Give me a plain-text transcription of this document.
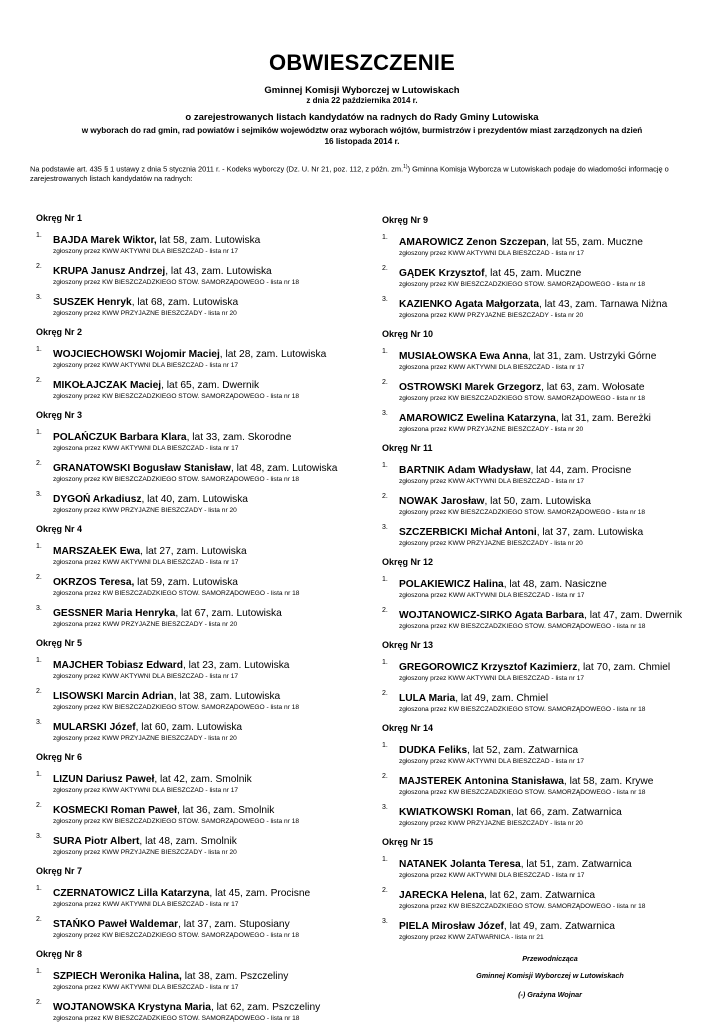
OBWIESZCZENIE
Gminnej Komisji Wyborczej w Lutowiskach
z dnia 22 października 2014 r.
o zarejestrowanych listach kandydatów na radnych do Rady Gminy Lutowiska
w wyborach do rad gmin, rad powiatów i sejmików województw oraz wyborach wójtów, burmistrzów i prezydentów miast zarządzonych na dzień
16 listopada 2014 r.
Na podstawie art. 435 § 1 ustawy z dnia 5 stycznia 2011 r. - Kodeks wyborczy (Dz. U. Nr 21, poz. 112, z późn. zm.$^{1)}$) Gminna Komisja Wyborcza w Lutowiskach podaje do wiadomości informację o zarejestrowanych listach kandydatów na radnych:
Okręg Nr 1
1. BAJDA Marek Wiktor, lat 58, zam. Lutowiska
zgłoszony przez KWW AKTYWNI DLA BIESZCZAD - lista nr 17
2. KRUPA Janusz Andrzej, lat 43, zam. Lutowiska
zgłoszony przez KW BIESZCZADZKIEGO STOW. SAMORZĄDOWEGO - lista nr 18
3. SUSZEK Henryk, lat 68, zam. Lutowiska
zgłoszony przez KWW PRZYJAZNE BIESZCZADY - lista nr 20
Okręg Nr 2
1. WOJCIECHOWSKI Wojomir Maciej, lat 28, zam. Lutowiska
zgłoszony przez KWW AKTYWNI DLA BIESZCZAD - lista nr 17
2. MIKOŁAJCZAK Maciej, lat 65, zam. Dwernik
zgłoszony przez KW BIESZCZADZKIEGO STOW. SAMORZĄDOWEGO - lista nr 18
Okręg Nr 3
1. POLAŃCZUK Barbara Klara, lat 33, zam. Skorodne
zgłoszona przez KWW AKTYWNI DLA BIESZCZAD - lista nr 17
2. GRANATOWSKI Bogusław Stanisław, lat 48, zam. Lutowiska
zgłoszony przez KW BIESZCZADZKIEGO STOW. SAMORZĄDOWEGO - lista nr 18
3. DYGOŃ Arkadiusz, lat 40, zam. Lutowiska
zgłoszony przez KWW PRZYJAZNE BIESZCZADY - lista nr 20
Okręg Nr 4
1. MARSZAŁEK Ewa, lat 27, zam. Lutowiska
zgłoszona przez KWW AKTYWNI DLA BIESZCZAD - lista nr 17
2. OKRZOS Teresa, lat 59, zam. Lutowiska
zgłoszona przez KW BIESZCZADZKIEGO STOW. SAMORZĄDOWEGO - lista nr 18
3. GESSNER Maria Henryka, lat 67, zam. Lutowiska
zgłoszona przez KWW PRZYJAZNE BIESZCZADY - lista nr 20
Okręg Nr 5
1. MAJCHER Tobiasz Edward, lat 23, zam. Lutowiska
zgłoszony przez KWW AKTYWNI DLA BIESZCZAD - lista nr 17
2. LISOWSKI Marcin Adrian, lat 38, zam. Lutowiska
zgłoszony przez KW BIESZCZADZKIEGO STOW. SAMORZĄDOWEGO - lista nr 18
3. MULARSKI Józef, lat 60, zam. Lutowiska
zgłoszony przez KWW PRZYJAZNE BIESZCZADY - lista nr 20
Okręg Nr 6
1. LIZUN Dariusz Paweł, lat 42, zam. Smolnik
zgłoszony przez KWW AKTYWNI DLA BIESZCZAD - lista nr 17
2. KOSMECKI Roman Paweł, lat 36, zam. Smolnik
zgłoszony przez KW BIESZCZADZKIEGO STOW. SAMORZĄDOWEGO - lista nr 18
3. SURA Piotr Albert, lat 48, zam. Smolnik
zgłoszony przez KWW PRZYJAZNE BIESZCZADY - lista nr 20
Okręg Nr 7
1. CZERNATOWICZ Lilla Katarzyna, lat 45, zam. Procisne
zgłoszona przez KWW AKTYWNI DLA BIESZCZAD - lista nr 17
2. STAŃKO Paweł Waldemar, lat 37, zam. Stuposiany
zgłoszony przez KW BIESZCZADZKIEGO STOW. SAMORZĄDOWEGO - lista nr 18
Okręg Nr 8
1. SZPIECH Weronika Halina, lat 38, zam. Pszczeliny
zgłoszona przez KWW AKTYWNI DLA BIESZCZAD - lista nr 17
2. WOJTANOWSKA Krystyna Maria, lat 62, zam. Pszczeliny
zgłoszona przez KW BIESZCZADZKIEGO STOW. SAMORZĄDOWEGO - lista nr 18
Okręg Nr 9
1. AMAROWICZ Zenon Szczepan, lat 55, zam. Muczne
zgłoszony przez KWW AKTYWNI DLA BIESZCZAD - lista nr 17
2. GĄDEK Krzysztof, lat 45, zam. Muczne
zgłoszony przez KW BIESZCZADZKIEGO STOW. SAMORZĄDOWEGO - lista nr 18
3. KAZIENKO Agata Małgorzata, lat 43, zam. Tarnawa Niżna
zgłoszona przez KWW PRZYJAZNE BIESZCZADY - lista nr 20
Okręg Nr 10
1. MUSIAŁOWSKA Ewa Anna, lat 31, zam. Ustrzyki Górne
zgłoszona przez KWW AKTYWNI DLA BIESZCZAD - lista nr 17
2. OSTROWSKI Marek Grzegorz, lat 63, zam. Wołosate
zgłoszony przez KW BIESZCZADZKIEGO STOW. SAMORZĄDOWEGO - lista nr 18
3. AMAROWICZ Ewelina Katarzyna, lat 31, zam. Bereżki
zgłoszona przez KWW PRZYJAZNE BIESZCZADY - lista nr 20
Okręg Nr 11
1. BARTNIK Adam Władysław, lat 44, zam. Procisne
zgłoszony przez KWW AKTYWNI DLA BIESZCZAD - lista nr 17
2. NOWAK Jarosław, lat 50, zam. Lutowiska
zgłoszony przez KW BIESZCZADZKIEGO STOW. SAMORZĄDOWEGO - lista nr 18
3. SZCZERBICKI Michał Antoni, lat 37, zam. Lutowiska
zgłoszony przez KWW PRZYJAZNE BIESZCZADY - lista nr 20
Okręg Nr 12
1. POLAKIEWICZ Halina, lat 48, zam. Nasiczne
zgłoszona przez KWW AKTYWNI DLA BIESZCZAD - lista nr 17
2. WOJTANOWICZ-SIRKO Agata Barbara, lat 47, zam. Dwernik
zgłoszona przez KW BIESZCZADZKIEGO STOW. SAMORZĄDOWEGO - lista nr 18
Okręg Nr 13
1. GREGOROWICZ Krzysztof Kazimierz, lat 70, zam. Chmiel
zgłoszony przez KWW AKTYWNI DLA BIESZCZAD - lista nr 17
2. LULA Maria, lat 49, zam. Chmiel
zgłoszona przez KW BIESZCZADZKIEGO STOW. SAMORZĄDOWEGO - lista nr 18
Okręg Nr 14
1. DUDKA Feliks, lat 52, zam. Zatwarnica
zgłoszony przez KWW AKTYWNI DLA BIESZCZAD - lista nr 17
2. MAJSTEREK Antonina Stanisława, lat 58, zam. Krywe
zgłoszona przez KW BIESZCZADZKIEGO STOW. SAMORZĄDOWEGO - lista nr 18
3. KWIATKOWSKI Roman, lat 66, zam. Zatwarnica
zgłoszony przez KWW PRZYJAZNE BIESZCZADY - lista nr 20
Okręg Nr 15
1. NATANEK Jolanta Teresa, lat 51, zam. Zatwarnica
zgłoszona przez KWW AKTYWNI DLA BIESZCZAD - lista nr 17
2. JARECKA Helena, lat 62, zam. Zatwarnica
zgłoszona przez KW BIESZCZADZKIEGO STOW. SAMORZĄDOWEGO - lista nr 18
3. PIELA Mirosław Józef, lat 49, zam. Zatwarnica
zgłoszony przez KWW ZATWARNICA - lista nr 21
Przewodnicząca
Gminnej Komisji Wyborczej w Lutowiskach
(-) Grażyna Wojnar
